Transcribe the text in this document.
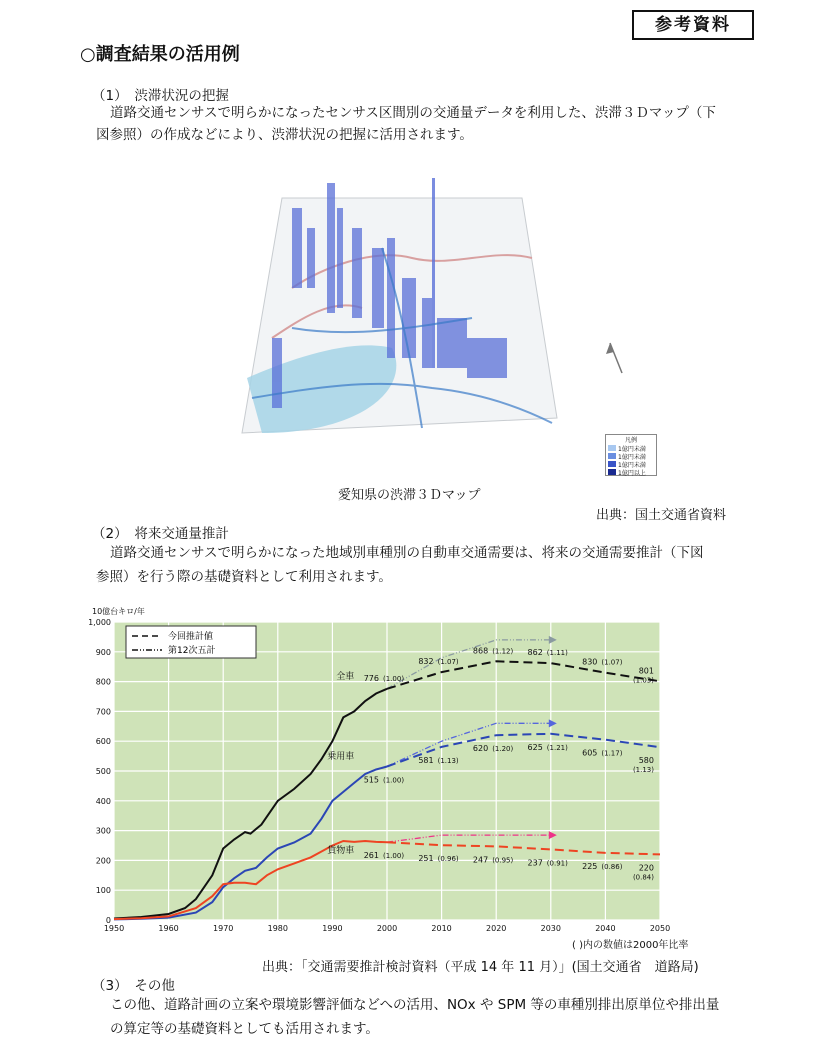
参考資料
○調査結果の活用例
（1）　渋滞状況の把握
道路交通センサスで明らかになったセンサス区間別の交通量データを利用した、渋滞３Ｄマップ（下
図参照）の作成などにより、渋滞状況の把握に活用されます。
凡例
1億円未満
1億円未満
1億円未満
1億円以上
愛知県の渋滞３Ｄマップ
出典：国土交通省資料
（2）　将来交通量推計
道路交通センサスで明らかになった地域別車種別の自動車交通需要は、将来の交通需要推計（下図
参照）を行う際の基礎資料として利用されます。
10億台キロ/年
0
100
200
300
400
500
600
700
800
900
1,000
1950	1960	1970	1980	1990	2000	2010	2020	2030	2040	2050
全車 776 (1.00)
832 (1.07)
868 (1.12) 862 (1.11)
830 (1.07)
801
(1.03)
乗用車
515 (1.00)
581 (1.13)
620 (1.20) 625 (1.21)
605 (1.17)
580
(1.13)
貨物車 261 (1.00) 251 (0.96) 247 (0.95) 237 (0.91) 225 (0.86) 220
(0.84)
今回推計値
第12次五計
( )内の数値は2000年比率
出典：「交通需要推計検討資料（平成 14 年 11 月）」(国土交通省　道路局)
（3）　その他
この他、道路計画の立案や環境影響評価などへの活用、NOx や SPM 等の車種別排出原単位や排出量
の算定等の基礎資料としても活用されます。
